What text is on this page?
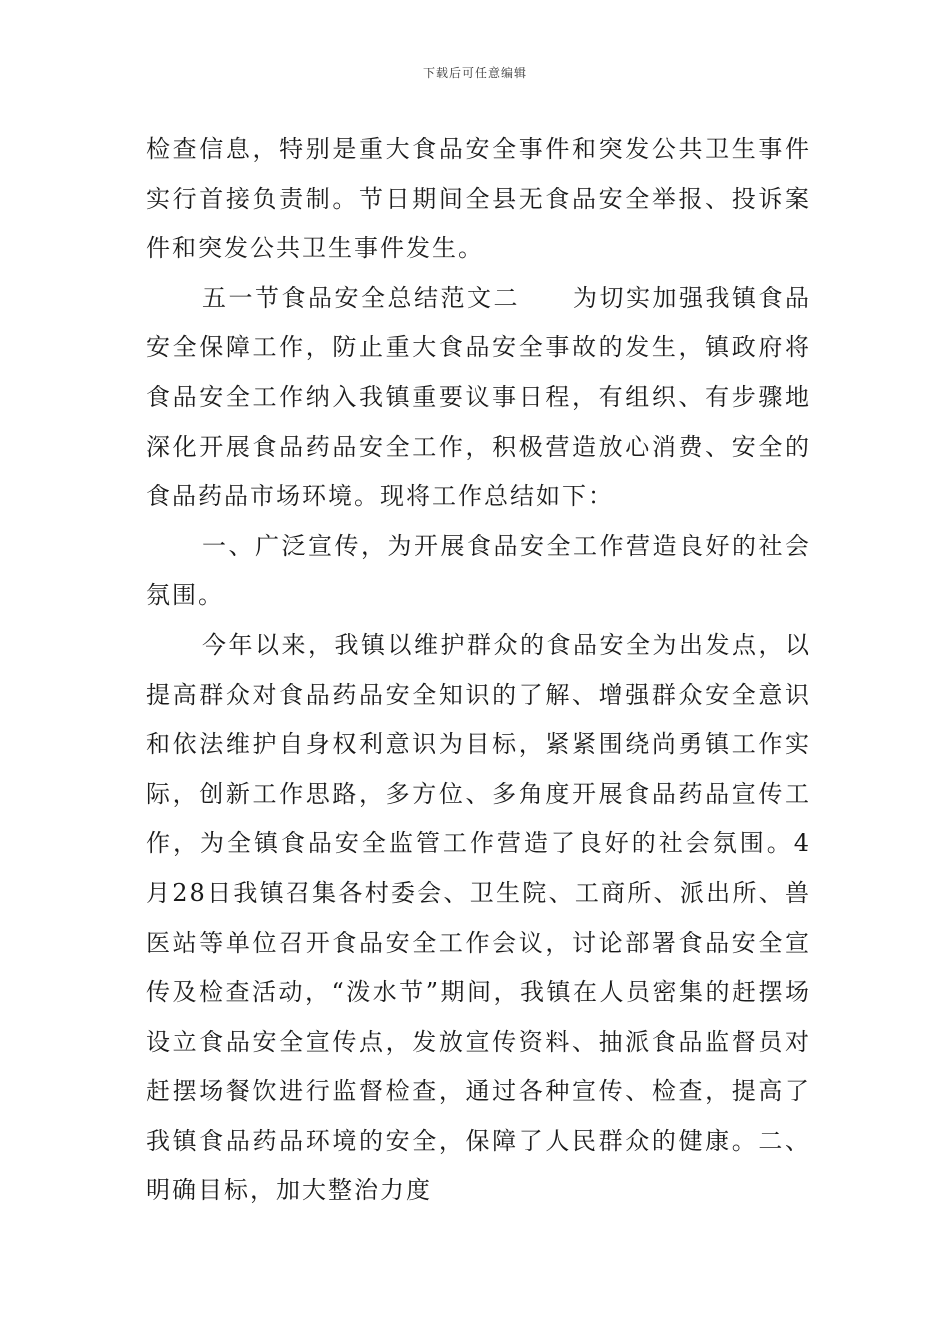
下载后可任意编辑

检查信息，特别是重大食品安全事件和突发公共卫生事件实行首接负责制。节日期间全县无食品安全举报、投诉案件和突发公共卫生事件发生。

五一节食品安全总结范文二　　为切实加强我镇食品安全保障工作，防止重大食品安全事故的发生，镇政府将食品安全工作纳入我镇重要议事日程，有组织、有步骤地深化开展食品药品安全工作，积极营造放心消费、安全的食品药品市场环境。现将工作总结如下：

一、广泛宣传，为开展食品安全工作营造良好的社会氛围。

今年以来，我镇以维护群众的食品安全为出发点，以提高群众对食品药品安全知识的了解、增强群众安全意识和依法维护自身权利意识为目标，紧紧围绕尚勇镇工作实际，创新工作思路，多方位、多角度开展食品药品宣传工作，为全镇食品安全监管工作营造了良好的社会氛围。4月28日我镇召集各村委会、卫生院、工商所、派出所、兽医站等单位召开食品安全工作会议，讨论部署食品安全宣传及检查活动，“泼水节”期间，我镇在人员密集的赶摆场设立食品安全宣传点，发放宣传资料、抽派食品监督员对赶摆场餐饮进行监督检查，通过各种宣传、检查，提高了我镇食品药品环境的安全，保障了人民群众的健康。二、明确目标，加大整治力度
